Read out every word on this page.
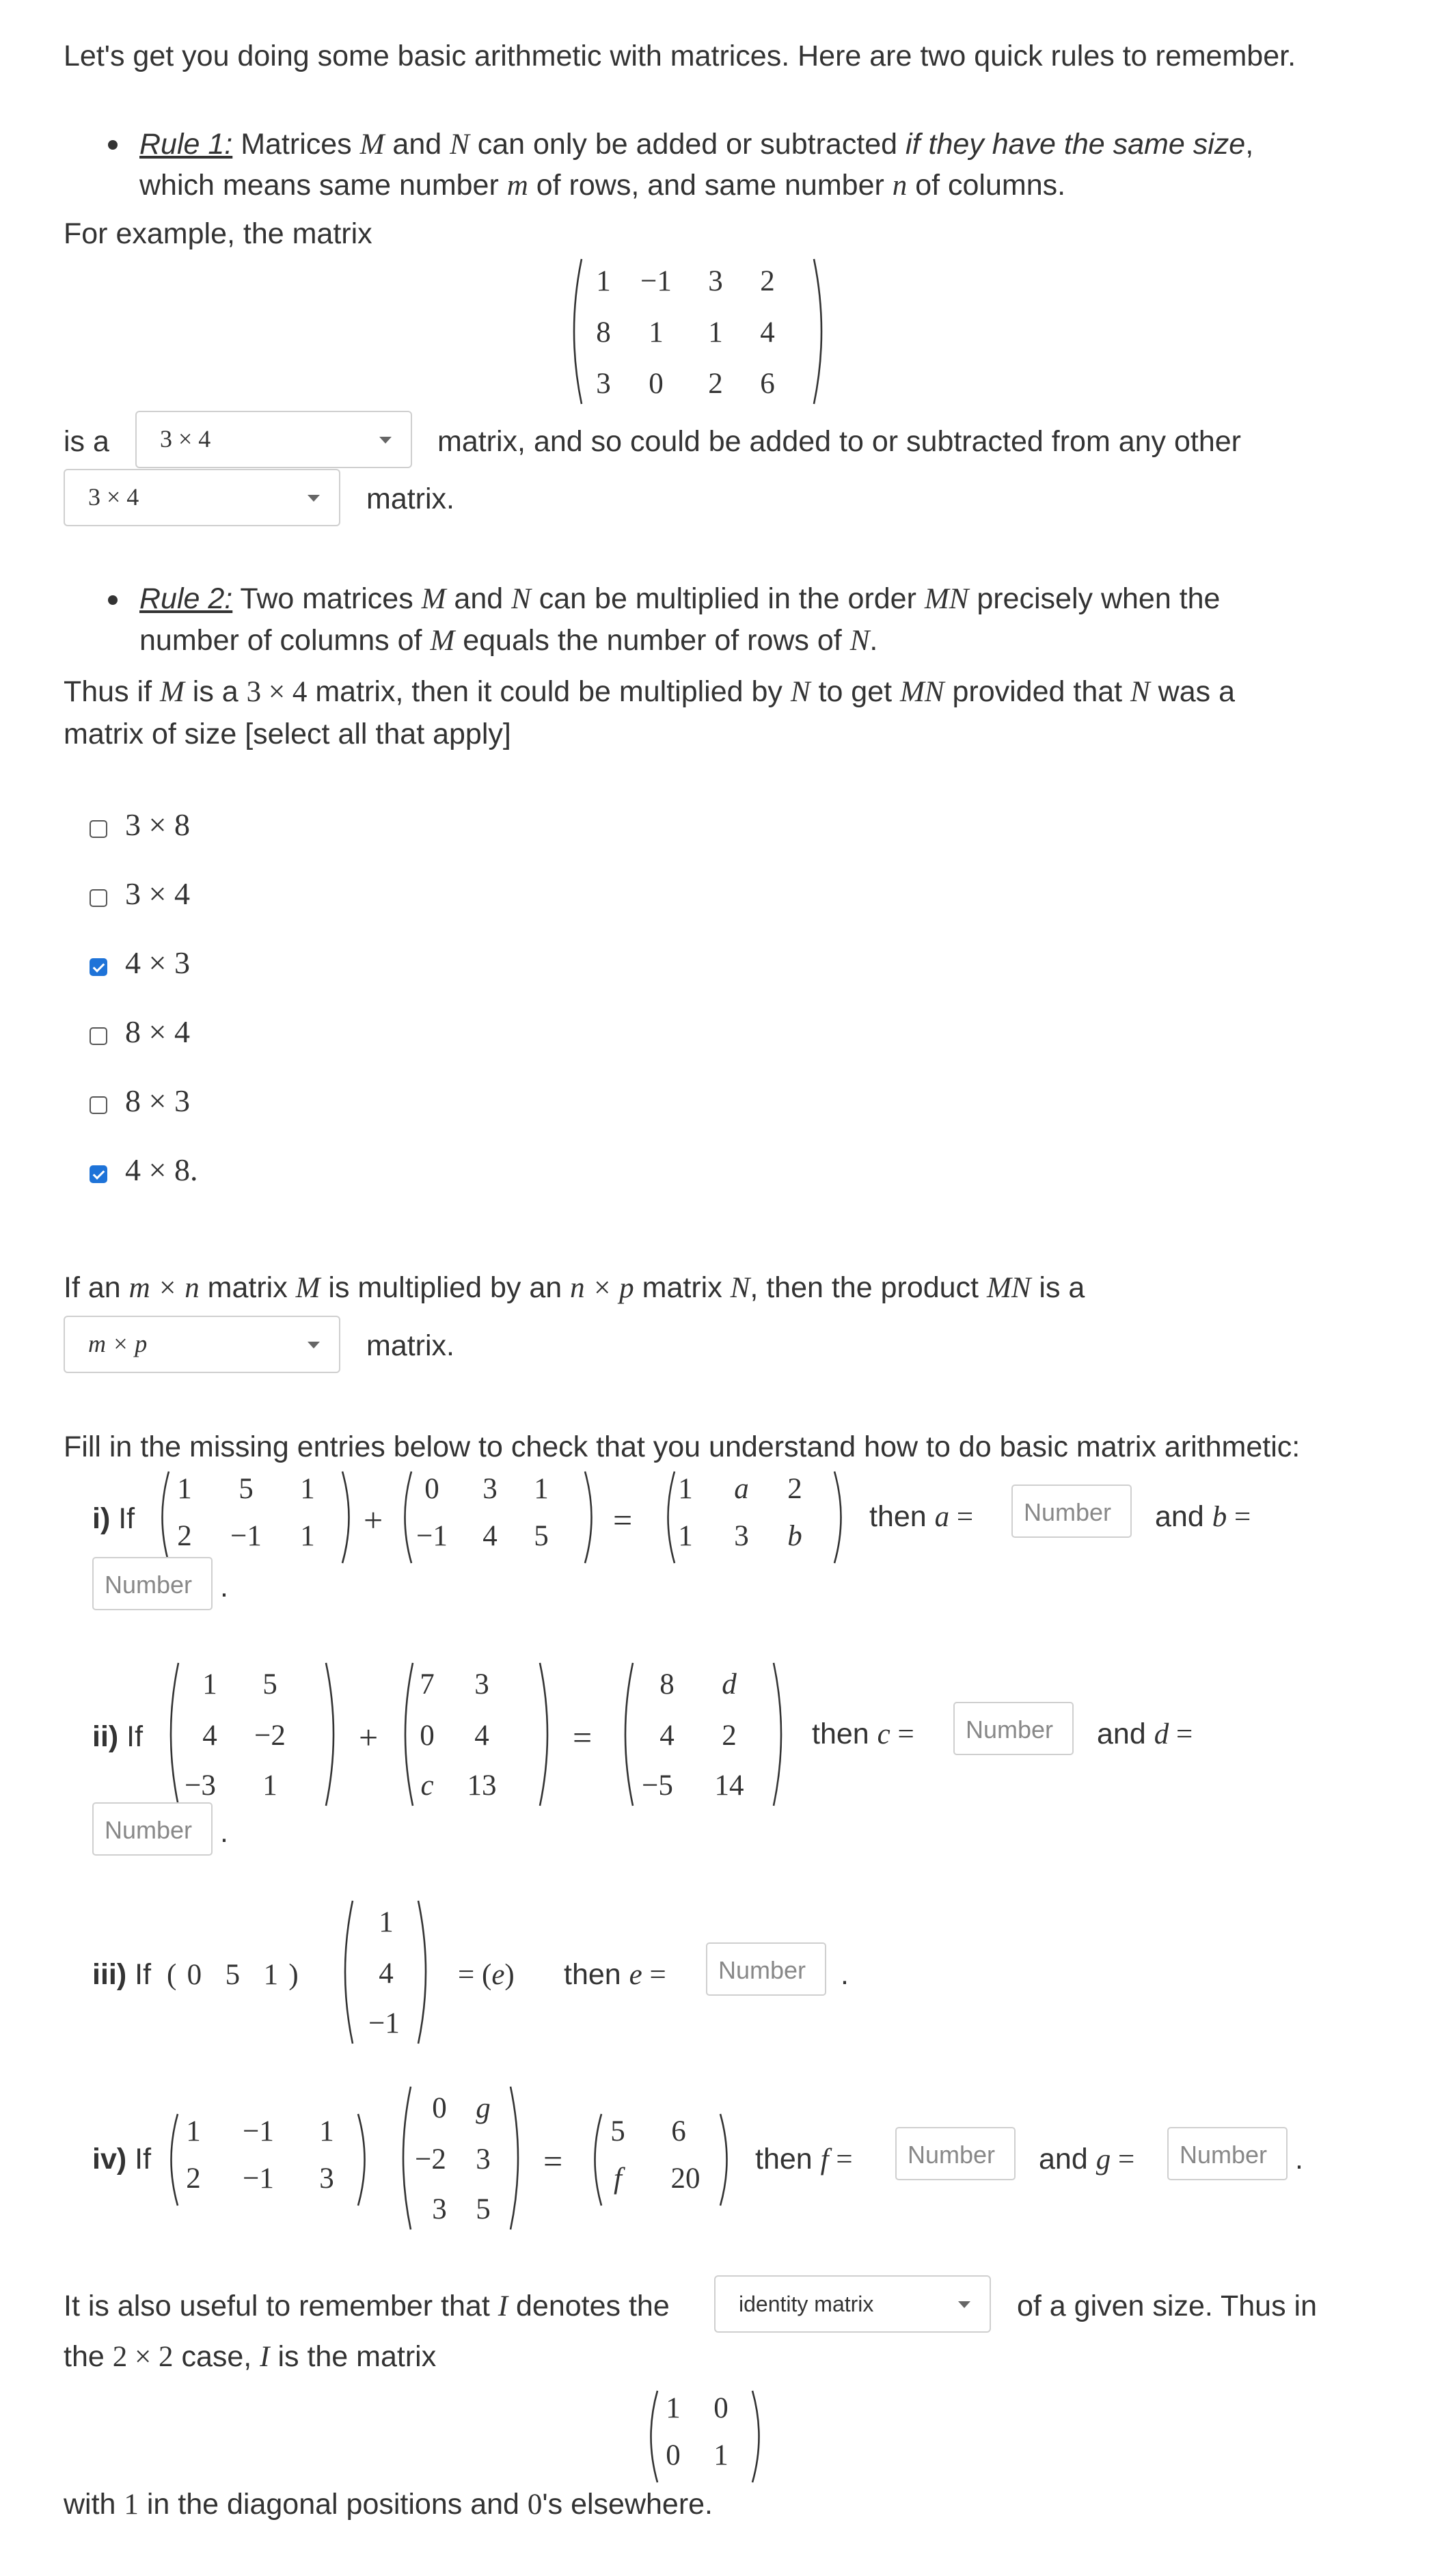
Let's get you doing some basic arithmetic with matrices. Here are two quick rules to remember.
Rule 1: Matrices M and N can only be added or subtracted if they have the same size,
which means same number m of rows, and same number n of columns.
For example, the matrix
1	−1	3	2
8	1	1	4
3	0	2	6
is a 3 × 4	matrix, and so could be added to or subtracted from any other
3 × 4	matrix.
Rule 2: Two matrices M and N can be multiplied in the order MN precisely when the
number of columns of M equals the number of rows of N.
Thus if M is a 3 × 4 matrix, then it could be multiplied by N to get MN provided that N was a
matrix of size [select all that apply]
3 × 8
3 × 4
4 × 3
8 × 4
8 × 3
4 × 8.
If an m × n matrix M is multiplied by an n × p matrix N, then the product MN is a
m × p	matrix.
Fill in the missing entries below to check that you understand how to do basic matrix arithmetic:
i) If
1	5	1
2	−1	1	+
0	3	1
−1	4	5	=
1	a	2
1	3	b
then a =	Number	and b =
Number .
ii) If
1	5
4	−2
−3	1
+
7	3
0	4
c	13
=
8	d
4	2
−5	14
then c =	Number	and d =
Number .
iii) If ( 0 5 1 )
1
4
−1
= (e) then e =	Number	.
iv) If
1	−1	1
2	−1	3
0 g
−2	3
3 5
=
5	6
f	20
then f =	Number	and g =	Number .
It is also useful to remember that I denotes the	identity matrix	of a given size. Thus in
the 2 × 2 case, I is the matrix
1	0
0	1
with 1 in the diagonal positions and 0's elsewhere.
